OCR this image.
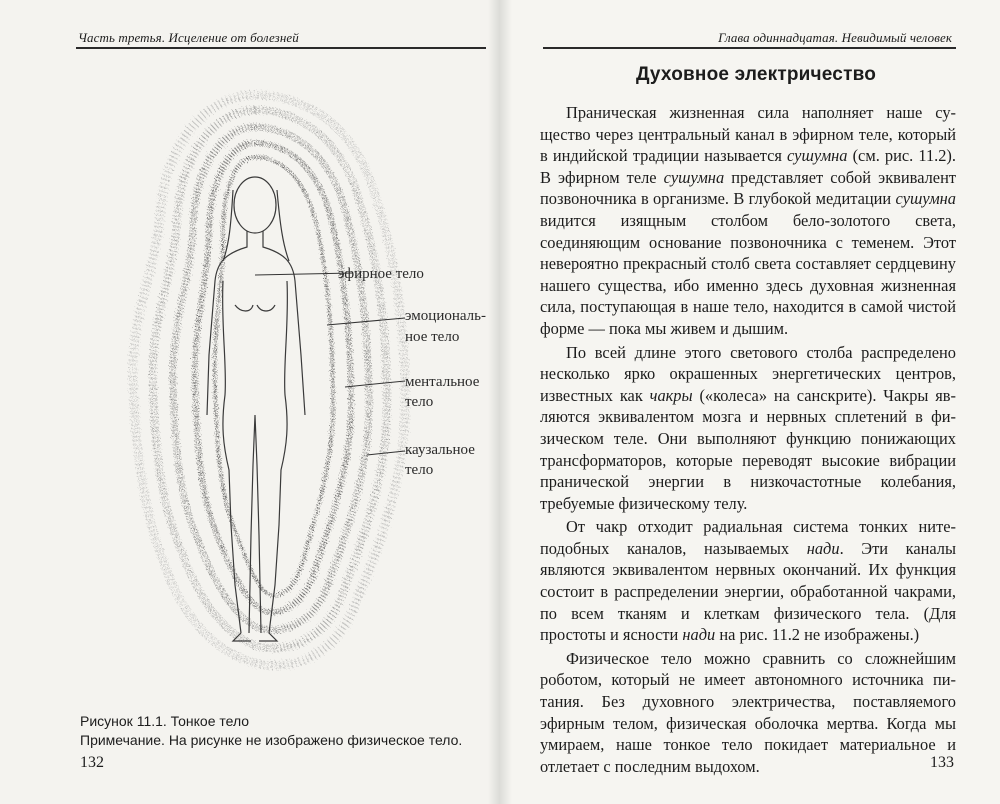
Часть третья. Исцеление от болезней
эфирное тело
эмоциональ-
ное тело
ментальное
тело
каузальное
тело
Рисунок 11.1. Тонкое тело
Примечание. На рисунке не изображено физическое тело.
132
Глава одиннадцатая. Невидимый человек
Духовное электричество

Праническая жизненная сила наполняет наше существо через центральный канал в эфирном теле, который в индийской традиции называется сушумна (см. рис. 11.2). В эфирном теле сушумна представляет собой эквивалент позвоночника в организме. В глубокой медитации сушумна видится изящным столбом бело-золотого света, соединяющим основание позвоночника с теменем. Этот невероятно прекрасный столб света составляет сердцевину нашего существа, ибо именно здесь духовная жизненная сила, поступающая в наше тело, находится в самой чистой форме — пока мы живем и дышим.

По всей длине этого светового столба распределено несколько ярко окрашенных энергетических центров, известных как чакры («колеса» на санскрите). Чакры являются эквивалентом мозга и нервных сплетений в физическом теле. Они выполняют функцию понижающих трансформаторов, которые переводят высокие вибрации пранической энергии в низкочастотные колебания, требуемые физическому телу.

От чакр отходит радиальная система тонких нитеподобных каналов, называемых нади. Эти каналы являются эквивалентом нервных окончаний. Их функция состоит в распределении энергии, обработанной чакрами, по всем тканям и клеткам физического тела. (Для простоты и ясности нади на рис. 11.2 не изображены.)

Физическое тело можно сравнить со сложнейшим роботом, который не имеет автономного источника питания. Без духовного электричества, поставляемого эфирным телом, физическая оболочка мертва. Когда мы умираем, наше тонкое тело покидает материальное и отлетает с последним выдохом.	133
